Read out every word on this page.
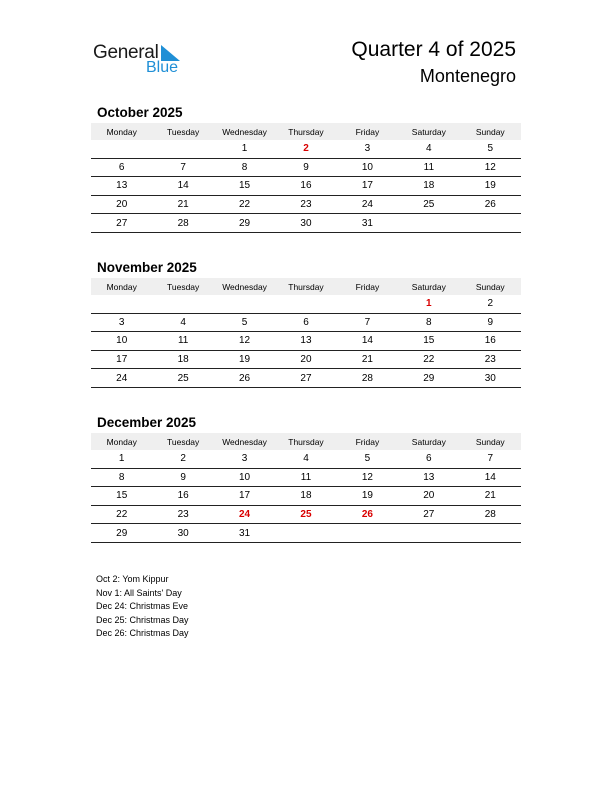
General
Blue
Quarter 4 of 2025
Montenegro
October 2025
Monday	Tuesday	Wednesday	Thursday	Friday	Saturday	Sunday
		1	2	3	4	5
6	7	8	9	10	11	12
13	14	15	16	17	18	19
20	21	22	23	24	25	26
27	28	29	30	31		
November 2025
Monday	Tuesday	Wednesday	Thursday	Friday	Saturday	Sunday
					1	2
3	4	5	6	7	8	9
10	11	12	13	14	15	16
17	18	19	20	21	22	23
24	25	26	27	28	29	30
December 2025
Monday	Tuesday	Wednesday	Thursday	Friday	Saturday	Sunday
1	2	3	4	5	6	7
8	9	10	11	12	13	14
15	16	17	18	19	20	21
22	23	24	25	26	27	28
29	30	31				
Oct 2: Yom Kippur
Nov 1: All Saints' Day
Dec 24: Christmas Eve
Dec 25: Christmas Day
Dec 26: Christmas Day
